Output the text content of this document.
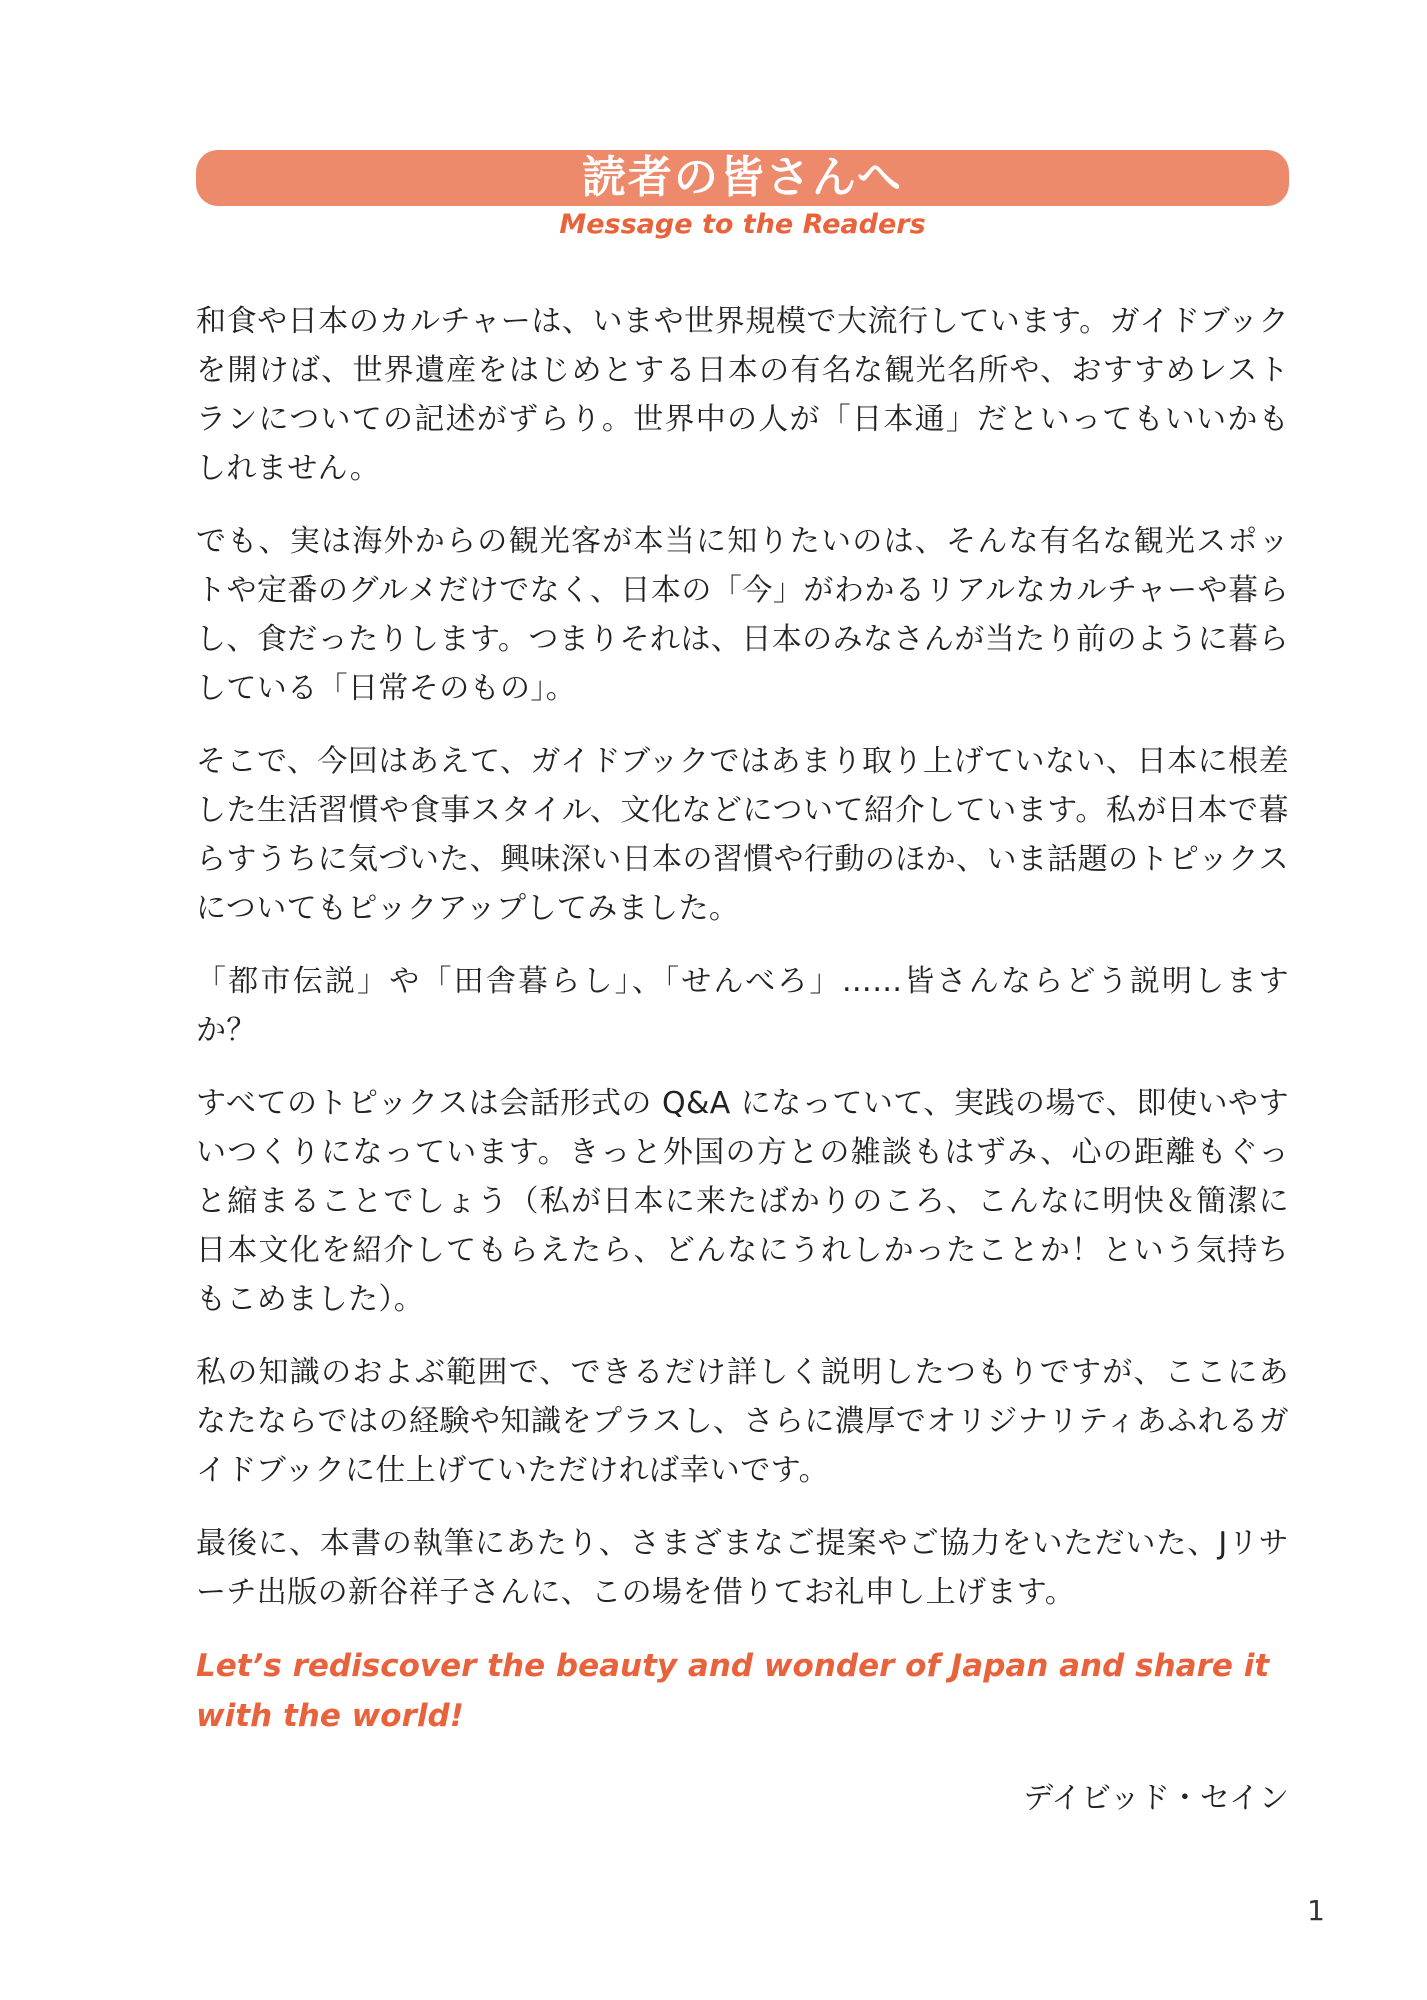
読者の皆さんへ
Message to the Readers

和食や日本のカルチャーは、いまや世界規模で大流行しています。ガイドブックを開けば、世界遺産をはじめとする日本の有名な観光名所や、おすすめレストランについての記述がずらり。世界中の人が「日本通」だといってもいいかもしれません。

でも、実は海外からの観光客が本当に知りたいのは、そんな有名な観光スポットや定番のグルメだけでなく、日本の「今」がわかるリアルなカルチャーや暮らし、食だったりします。つまりそれは、日本のみなさんが当たり前のように暮らしている「日常そのもの」。

そこで、今回はあえて、ガイドブックではあまり取り上げていない、日本に根差した生活習慣や食事スタイル、文化などについて紹介しています。私が日本で暮らすうちに気づいた、興味深い日本の習慣や行動のほか、いま話題のトピックスについてもピックアップしてみました。

「都市伝説」や「田舎暮らし」、「せんべろ」……皆さんならどう説明しますか？

すべてのトピックスは会話形式の Q&A になっていて、実践の場で、即使いやすいつくりになっています。きっと外国の方との雑談もはずみ、心の距離もぐっと縮まることでしょう（私が日本に来たばかりのころ、こんなに明快＆簡潔に日本文化を紹介してもらえたら、どんなにうれしかったことか！という気持ちもこめました）。

私の知識のおよぶ範囲で、できるだけ詳しく説明したつもりですが、ここにあなたならではの経験や知識をプラスし、さらに濃厚でオリジナリティあふれるガイドブックに仕上げていただければ幸いです。

最後に、本書の執筆にあたり、さまざまなご提案やご協力をいただいた、Jリサーチ出版の新谷祥子さんに、この場を借りてお礼申し上げます。

Let’s rediscover the beauty and wonder of Japan and share it with the world!

デイビッド・セイン

1
